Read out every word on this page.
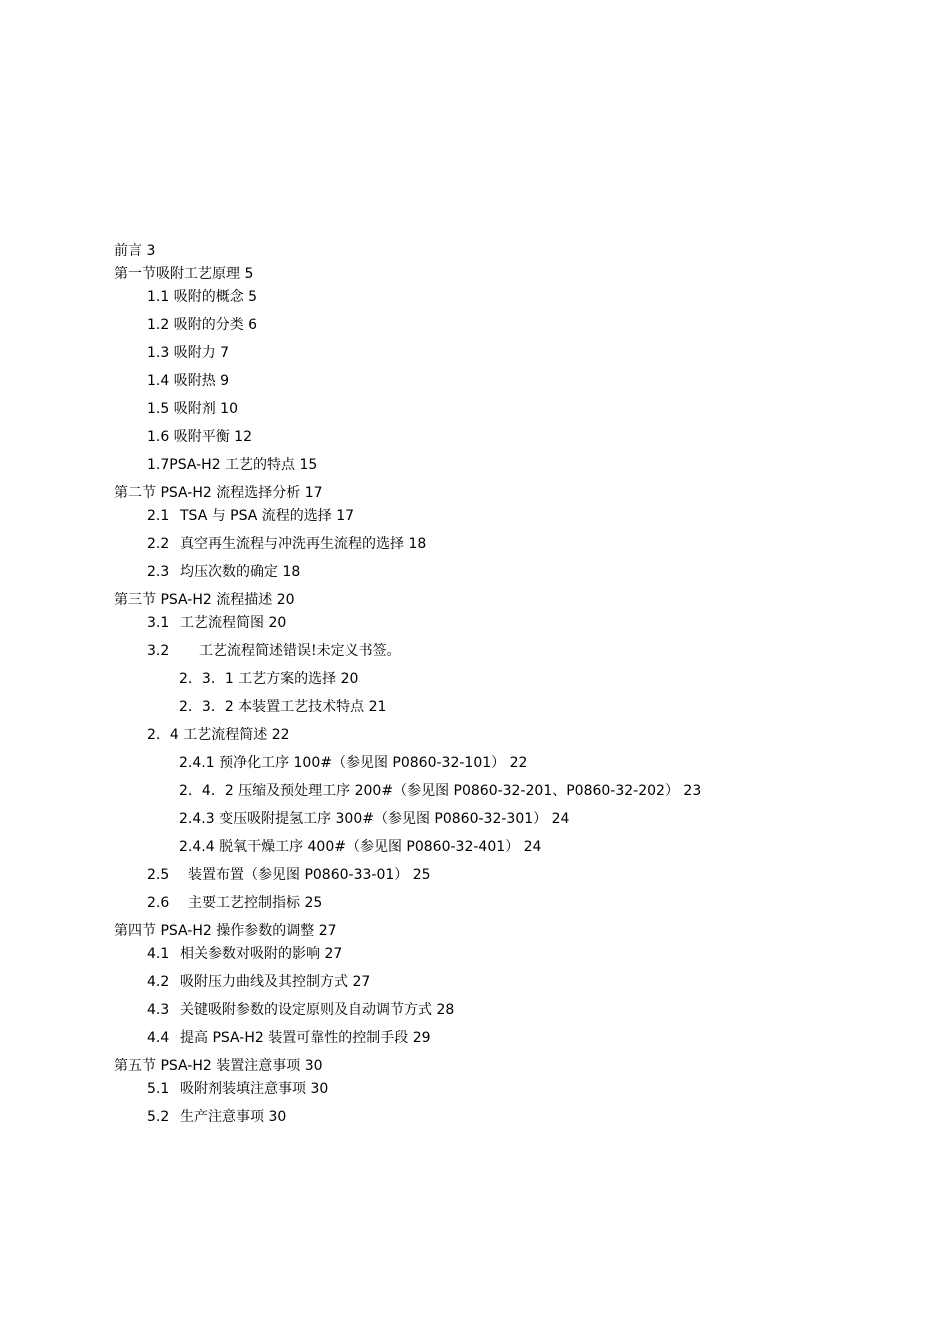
前言 3
第一节吸附工艺原理 5
1.1 吸附的概念 5
1.2 吸附的分类 6
1.3 吸附力 7
1.4 吸附热 9
1.5 吸附剂 10
1.6 吸附平衡 12
1.7PSA-H2 工艺的特点 15
第二节 PSA-H2 流程选择分析 17
2.1 TSA 与 PSA 流程的选择 17
2.2 真空再生流程与冲洗再生流程的选择 18
2.3 均压次数的确定 18
第三节 PSA-H2 流程描述 20
3.1 工艺流程简图 20
3.2 工艺流程简述错误!未定义书签。
2．3．1 工艺方案的选择 20
2．3．2 本装置工艺技术特点 21
2．4 工艺流程简述 22
2.4.1 预净化工序 100#（参见图 P0860-32-101） 22
2．4．2 压缩及预处理工序 200#（参见图 P0860-32-201、P0860-32-202） 23
2.4.3 变压吸附提氢工序 300#（参见图 P0860-32-301） 24
2.4.4 脱氧干燥工序 400#（参见图 P0860-32-401） 24
2.5 装置布置（参见图 P0860-33-01） 25
2.6 主要工艺控制指标 25
第四节 PSA-H2 操作参数的调整 27
4.1 相关参数对吸附的影响 27
4.2 吸附压力曲线及其控制方式 27
4.3 关键吸附参数的设定原则及自动调节方式 28
4.4 提高 PSA-H2 装置可靠性的控制手段 29
第五节 PSA-H2 装置注意事项 30
5.1 吸附剂装填注意事项 30
5.2 生产注意事项 30
